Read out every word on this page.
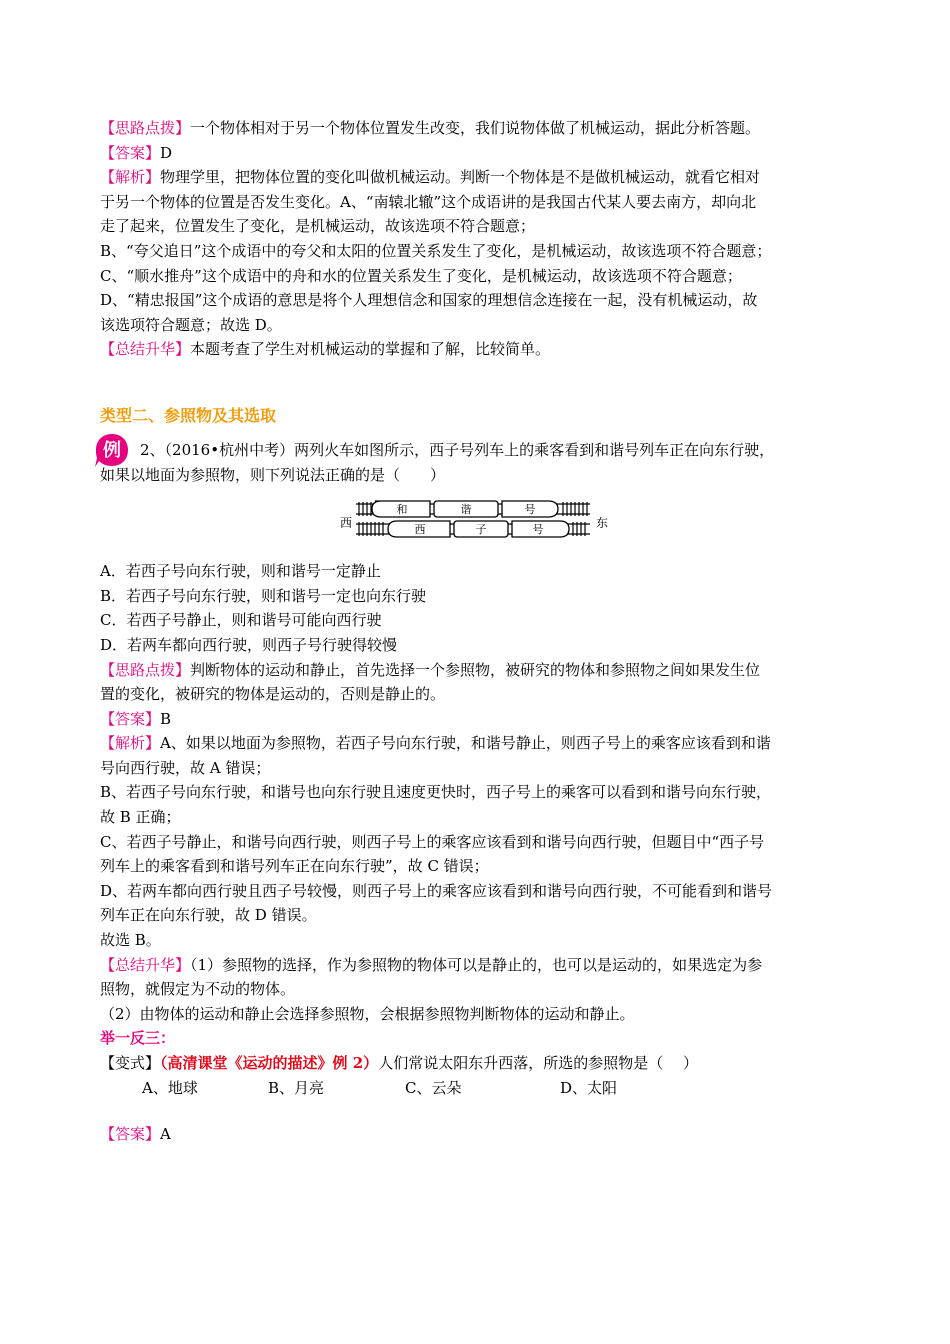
【思路点拨】一个物体相对于另一个物体位置发生改变，我们说物体做了机械运动，据此分析答题。

【答案】D

【解析】物理学里，把物体位置的变化叫做机械运动。判断一个物体是不是做机械运动，就看它相对

于另一个物体的位置是否发生变化。A、“南辕北辙”这个成语讲的是我国古代某人要去南方，却向北

走了起来，位置发生了变化，是机械运动，故该选项不符合题意；

B、“夸父追日”这个成语中的夸父和太阳的位置关系发生了变化，是机械运动，故该选项不符合题意；

C、“顺水推舟”这个成语中的舟和水的位置关系发生了变化，是机械运动，故该选项不符合题意；

D、“精忠报国”这个成语的意思是将个人理想信念和国家的理想信念连接在一起，没有机械运动，故

该选项符合题意；故选 D。

【总结升华】本题考查了学生对机械运动的掌握和了解，比较简单。

类型二、参照物及其选取
例	2、（2016•杭州中考）两列火车如图所示，西子号列车上的乘客看到和谐号列车正在向东行驶，

如果以地面为参照物，则下列说法正确的是（　　）

西	东
和	谐	号
西	子	号

A．若西子号向东行驶，则和谐号一定静止

B．若西子号向东行驶，则和谐号一定也向东行驶

C．若西子号静止，则和谐号可能向西行驶

D．若两车都向西行驶，则西子号行驶得较慢

【思路点拨】判断物体的运动和静止，首先选择一个参照物，被研究的物体和参照物之间如果发生位

置的变化，被研究的物体是运动的，否则是静止的。

【答案】B

【解析】A、如果以地面为参照物，若西子号向东行驶，和谐号静止，则西子号上的乘客应该看到和谐

号向西行驶，故 A 错误；

B、若西子号向东行驶，和谐号也向东行驶且速度更快时，西子号上的乘客可以看到和谐号向东行驶，

故 B 正确；

C、若西子号静止，和谐号向西行驶，则西子号上的乘客应该看到和谐号向西行驶，但题目中“西子号

列车上的乘客看到和谐号列车正在向东行驶”，故 C 错误；

D、若两车都向西行驶且西子号较慢，则西子号上的乘客应该看到和谐号向西行驶，不可能看到和谐号

列车正在向东行驶，故 D 错误。

故选 B。

【总结升华】（1）参照物的选择，作为参照物的物体可以是静止的，也可以是运动的，如果选定为参

照物，就假定为不动的物体。

（2）由物体的运动和静止会选择参照物，会根据参照物判断物体的运动和静止。

举一反三：

【变式】（高清课堂《运动的描述》例 2）人们常说太阳东升西落，所选的参照物是（　 ）

A、地球	B、月亮	C、云朵	D、太阳

【答案】A
